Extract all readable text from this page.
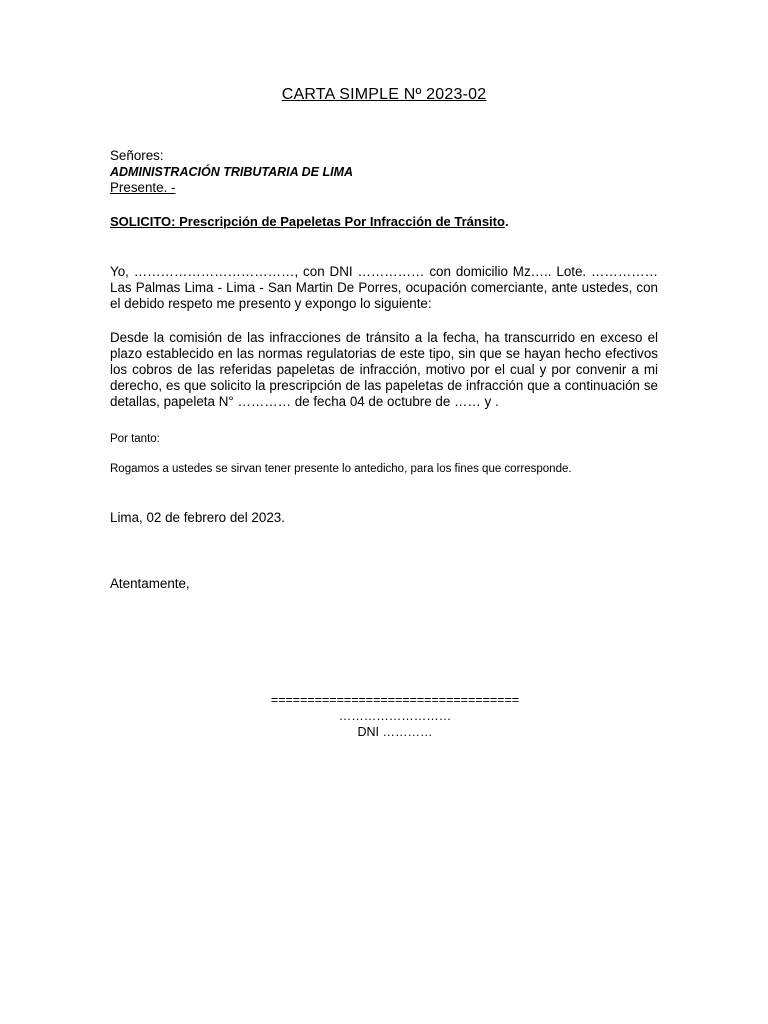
CARTA SIMPLE Nº 2023-02
Señores:
ADMINISTRACIÓN TRIBUTARIA DE LIMA
Presente. -
SOLICITO: Prescripción de Papeletas Por Infracción de Tránsito.
Yo, ………………………………, con DNI …………… con domicilio Mz….. Lote. …………… Las Palmas Lima - Lima - San Martin De Porres, ocupación comerciante, ante ustedes, con el debido respeto me presento y expongo lo siguiente:
Desde la comisión de las infracciones de tránsito a la fecha, ha transcurrido en exceso el plazo establecido en las normas regulatorias de este tipo, sin que se hayan hecho efectivos los cobros de las referidas papeletas de infracción, motivo por el cual y por convenir a mi derecho, es que solicito la prescripción de las papeletas de infracción que a continuación se detallas, papeleta N° ………… de fecha 04 de octubre de …… y .
Por tanto:
Rogamos a ustedes se sirvan tener presente lo antedicho, para los fines que corresponde.
Lima, 02 de febrero del 2023.
Atentamente,
==================================
………………………
DNI …………
